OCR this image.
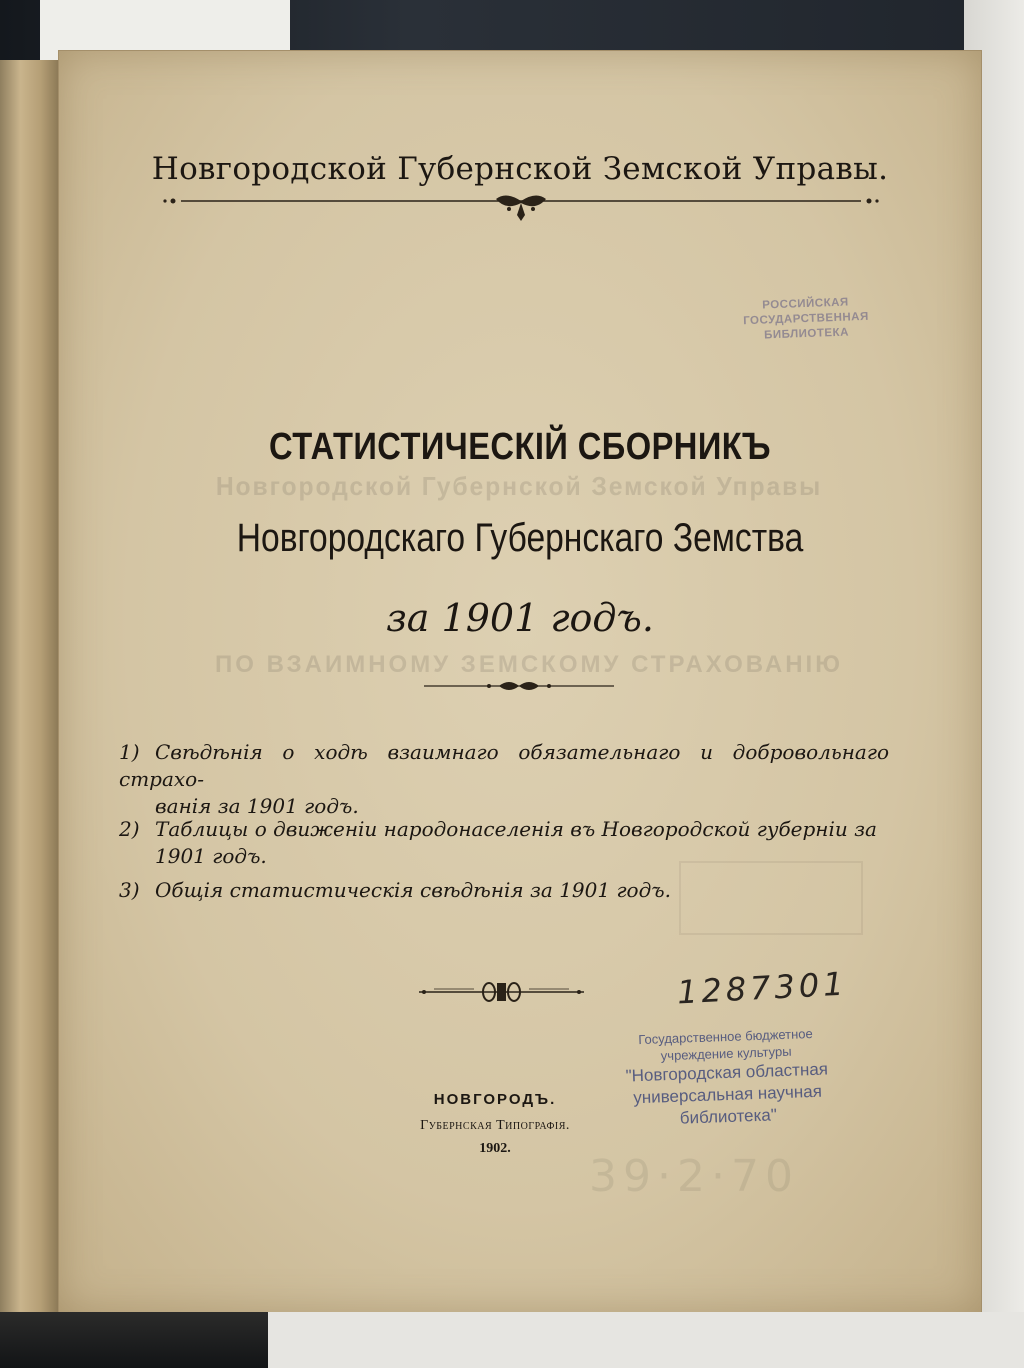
Новгородской Губернской Земской Управы
ПО ВЗАИМНОМУ ЗЕМСКОМУ СТРАХОВАНІЮ
Новгородской Губернской Земской Управы.
РОССИЙСКАЯ
ГОСУДАРСТВЕННАЯ
БИБЛИОТЕКА
СТАТИСТИЧЕСКІЙ СБОРНИКЪ
Новгородскаго Губернскаго Земства
за 1901 годъ.
1) Свѣдѣнія о ходѣ взаимнаго обязательнаго и добровольнаго страхо-
ванія за 1901 годъ.
2) Таблицы о движеніи народонаселенія въ Новгородской губерніи за
1901 годъ.
3) Общія статистическія свѣдѣнія за 1901 годъ.
1287301
Государственное бюджетное
учреждение культуры
"Новгородская областная
универсальная научная
библиотека"
НОВГОРОДЪ.
Губернская Типографія.
1902.
39·2·70
